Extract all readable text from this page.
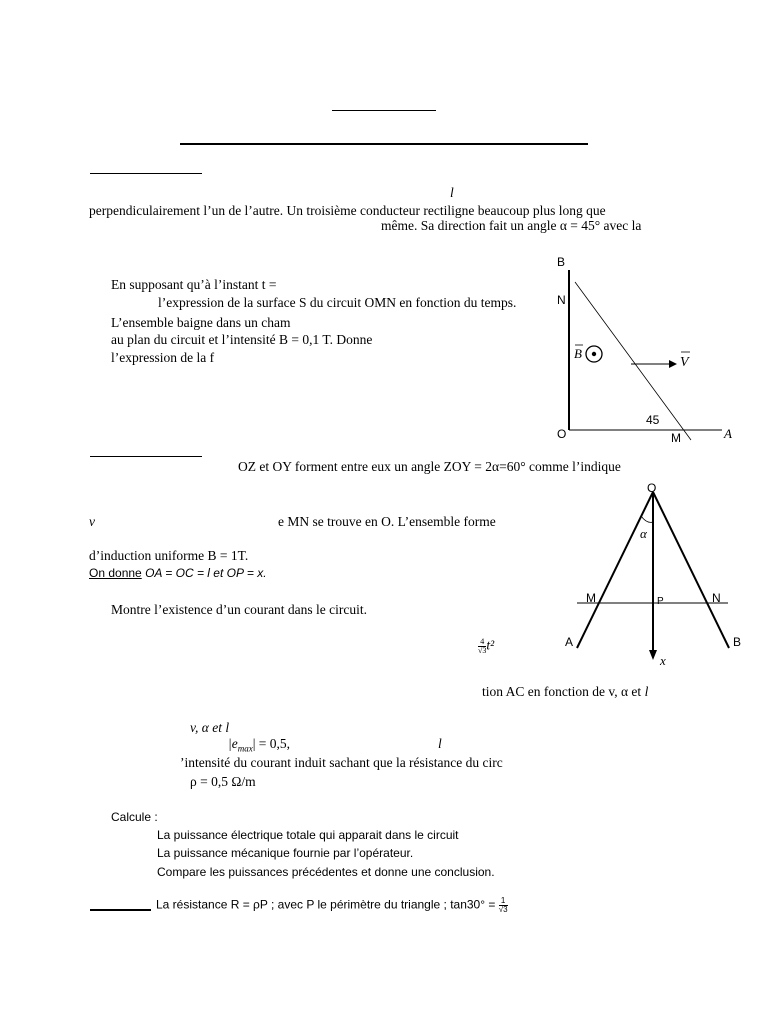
l
perpendiculairement l’un de l’autre. Un troisième conducteur rectiligne beaucoup plus long que
même. Sa direction fait un angle α = 45° avec la
En supposant qu’à l’instant t =
l’expression de la surface S du circuit OMN en fonction du temps.
L’ensemble baigne dans un cham
au plan du circuit et l’intensité B = 0,1 T. Donne
l’expression de la f
B
N
O	M	A
45
B
V
OZ et OY forment entre eux un angle ZOY = 2α=60° comme l’indique
v	e MN se trouve en O. L’ensemble forme
d’induction uniforme B = 1T.
On donne OA = OC = l et OP = x.
Montre l’existence d’un courant dans le circuit.
$\frac{4}{√3} t^2$
tion AC en fonction de v, α et l
v, α et l
$|e_{max}| = 0,5$,	l
’intensité du courant induit sachant que la résistance du circ
ρ = 0,5 Ω/m
O
α
M	P	N
A	B
x
Calcule :
La puissance électrique totale qui apparait dans le circuit
La puissance mécanique fournie par l’opérateur.
Compare les puissances précédentes et donne une conclusion.
La résistance R = ρP ; avec P le périmètre du triangle ; $\tan 30^\circ = \frac{1}{√3}$
